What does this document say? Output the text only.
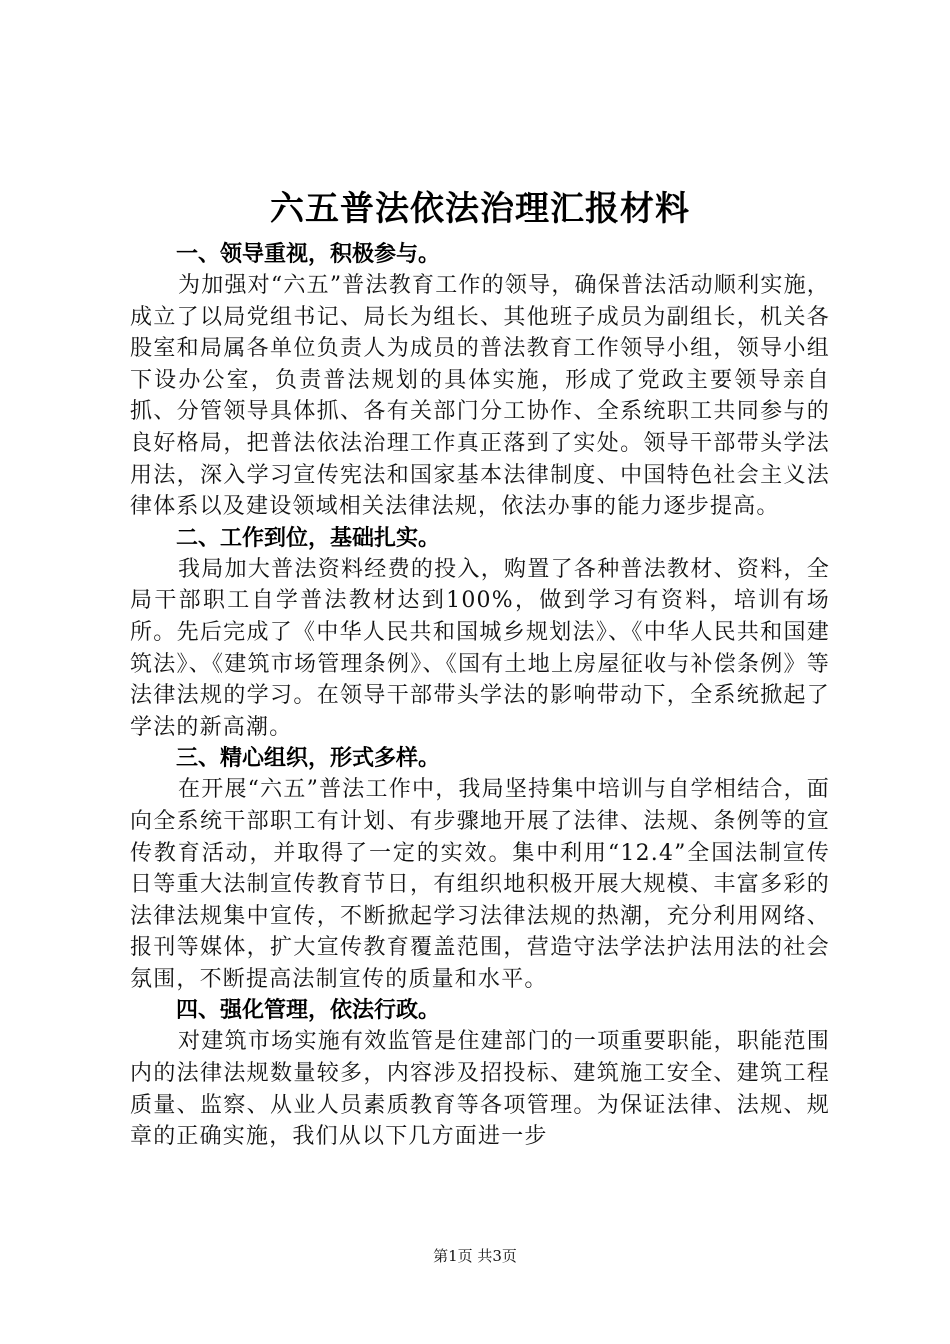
六五普法依法治理汇报材料
一、领导重视，积极参与。

为加强对“六五”普法教育工作的领导，确保普法活动顺利实施，成立了以局党组书记、局长为组长、其他班子成员为副组长，机关各股室和局属各单位负责人为成员的普法教育工作领导小组，领导小组下设办公室，负责普法规划的具体实施，形成了党政主要领导亲自抓、分管领导具体抓、各有关部门分工协作、全系统职工共同参与的良好格局，把普法依法治理工作真正落到了实处。领导干部带头学法用法，深入学习宣传宪法和国家基本法律制度、中国特色社会主义法律体系以及建设领域相关法律法规，依法办事的能力逐步提高。

二、工作到位，基础扎实。

我局加大普法资料经费的投入，购置了各种普法教材、资料，全局干部职工自学普法教材达到100%，做到学习有资料，培训有场所。先后完成了《中华人民共和国城乡规划法》、《中华人民共和国建筑法》、《建筑市场管理条例》、《国有土地上房屋征收与补偿条例》等法律法规的学习。在领导干部带头学法的影响带动下，全系统掀起了学法的新高潮。

三、精心组织，形式多样。

在开展“六五”普法工作中，我局坚持集中培训与自学相结合，面向全系统干部职工有计划、有步骤地开展了法律、法规、条例等的宣传教育活动，并取得了一定的实效。集中利用“12.4”全国法制宣传日等重大法制宣传教育节日，有组织地积极开展大规模、丰富多彩的法律法规集中宣传，不断掀起学习法律法规的热潮，充分利用网络、报刊等媒体，扩大宣传教育覆盖范围，营造守法学法护法用法的社会氛围，不断提高法制宣传的质量和水平。

四、强化管理，依法行政。

对建筑市场实施有效监管是住建部门的一项重要职能，职能范围内的法律法规数量较多，内容涉及招投标、建筑施工安全、建筑工程质量、监察、从业人员素质教育等各项管理。为保证法律、法规、规章的正确实施，我们从以下几方面进一步

第1页 共3页
